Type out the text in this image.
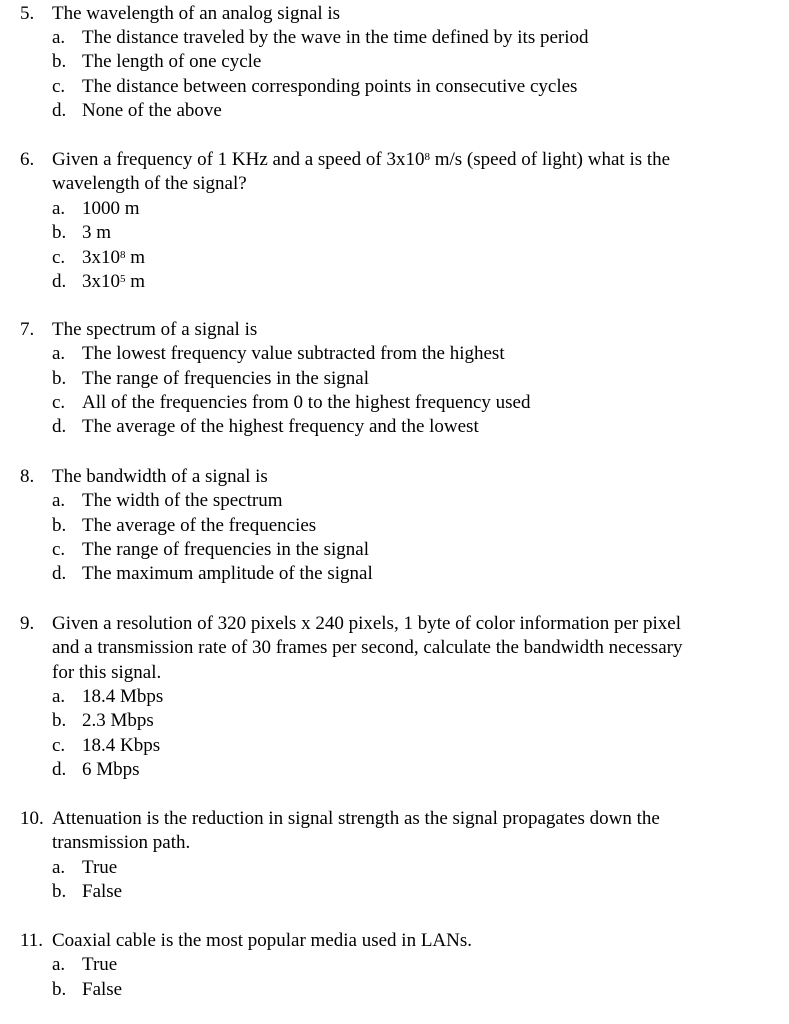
5. The wavelength of an analog signal is
a. The distance traveled by the wave in the time defined by its period
b. The length of one cycle
c. The distance between corresponding points in consecutive cycles
d. None of the above
6. Given a frequency of 1 KHz and a speed of $3x10^8$ m/s (speed of light) what is the
wavelength of the signal?
a. 1000 m
b. 3 m
c. $3x10^8$ m
d. $3x10^5$ m
7. The spectrum of a signal is
a. The lowest frequency value subtracted from the highest
b. The range of frequencies in the signal
c. All of the frequencies from 0 to the highest frequency used
d. The average of the highest frequency and the lowest
8. The bandwidth of a signal is
a. The width of the spectrum
b. The average of the frequencies
c. The range of frequencies in the signal
d. The maximum amplitude of the signal
9. Given a resolution of 320 pixels x 240 pixels, 1 byte of color information per pixel
and a transmission rate of 30 frames per second, calculate the bandwidth necessary
for this signal.
a. 18.4 Mbps
b. 2.3 Mbps
c. 18.4 Kbps
d. 6 Mbps
10. Attenuation is the reduction in signal strength as the signal propagates down the
transmission path.
a. True
b. False
11. Coaxial cable is the most popular media used in LANs.
a. True
b. False
